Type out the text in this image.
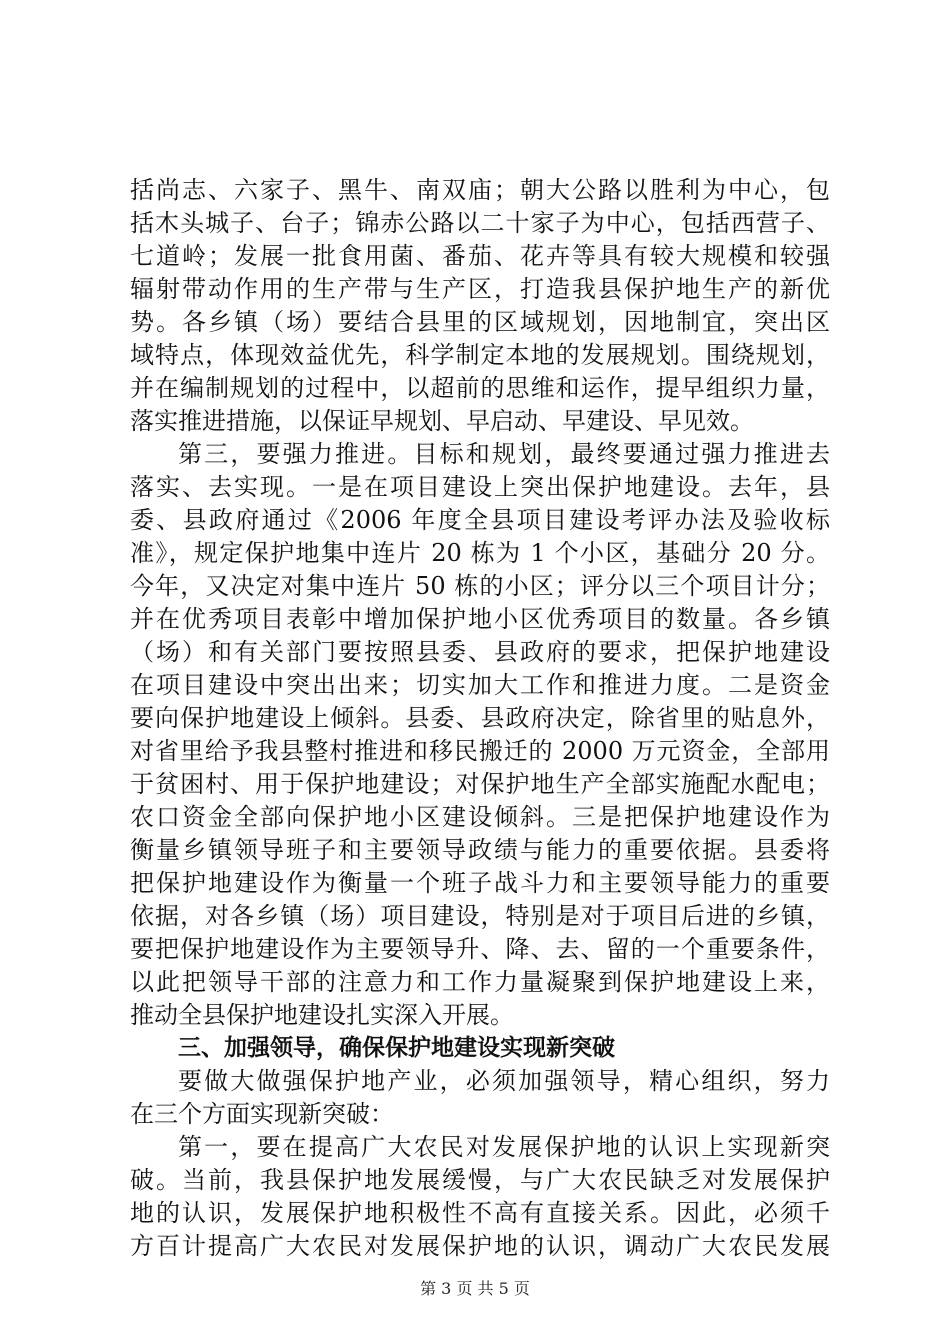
括尚志、六家子、黑牛、南双庙；朝大公路以胜利为中心，包
括木头城子、台子；锦赤公路以二十家子为中心，包括西营子、
七道岭；发展一批食用菌、番茄、花卉等具有较大规模和较强
辐射带动作用的生产带与生产区，打造我县保护地生产的新优
势。各乡镇（场）要结合县里的区域规划，因地制宜，突出区
域特点，体现效益优先，科学制定本地的发展规划。围绕规划，
并在编制规划的过程中，以超前的思维和运作，提早组织力量，
落实推进措施，以保证早规划、早启动、早建设、早见效。
第三，要强力推进。目标和规划，最终要通过强力推进去
落实、去实现。一是在项目建设上突出保护地建设。去年，县
委、县政府通过《2006 年度全县项目建设考评办法及验收标
准》，规定保护地集中连片 20 栋为 1 个小区，基础分 20 分。
今年，又决定对集中连片 50 栋的小区；评分以三个项目计分；
并在优秀项目表彰中增加保护地小区优秀项目的数量。各乡镇
（场）和有关部门要按照县委、县政府的要求，把保护地建设
在项目建设中突出出来；切实加大工作和推进力度。二是资金
要向保护地建设上倾斜。县委、县政府决定，除省里的贴息外，
对省里给予我县整村推进和移民搬迁的 2000 万元资金，全部用
于贫困村、用于保护地建设；对保护地生产全部实施配水配电；
农口资金全部向保护地小区建设倾斜。三是把保护地建设作为
衡量乡镇领导班子和主要领导政绩与能力的重要依据。县委将
把保护地建设作为衡量一个班子战斗力和主要领导能力的重要
依据，对各乡镇（场）项目建设，特别是对于项目后进的乡镇，
要把保护地建设作为主要领导升、降、去、留的一个重要条件，
以此把领导干部的注意力和工作力量凝聚到保护地建设上来，
推动全县保护地建设扎实深入开展。
三、加强领导，确保保护地建设实现新突破
要做大做强保护地产业，必须加强领导，精心组织，努力
在三个方面实现新突破：
第一，要在提高广大农民对发展保护地的认识上实现新突
破。当前，我县保护地发展缓慢，与广大农民缺乏对发展保护
地的认识，发展保护地积极性不高有直接关系。因此，必须千
方百计提高广大农民对发展保护地的认识，调动广大农民发展
第 3 页 共 5 页
